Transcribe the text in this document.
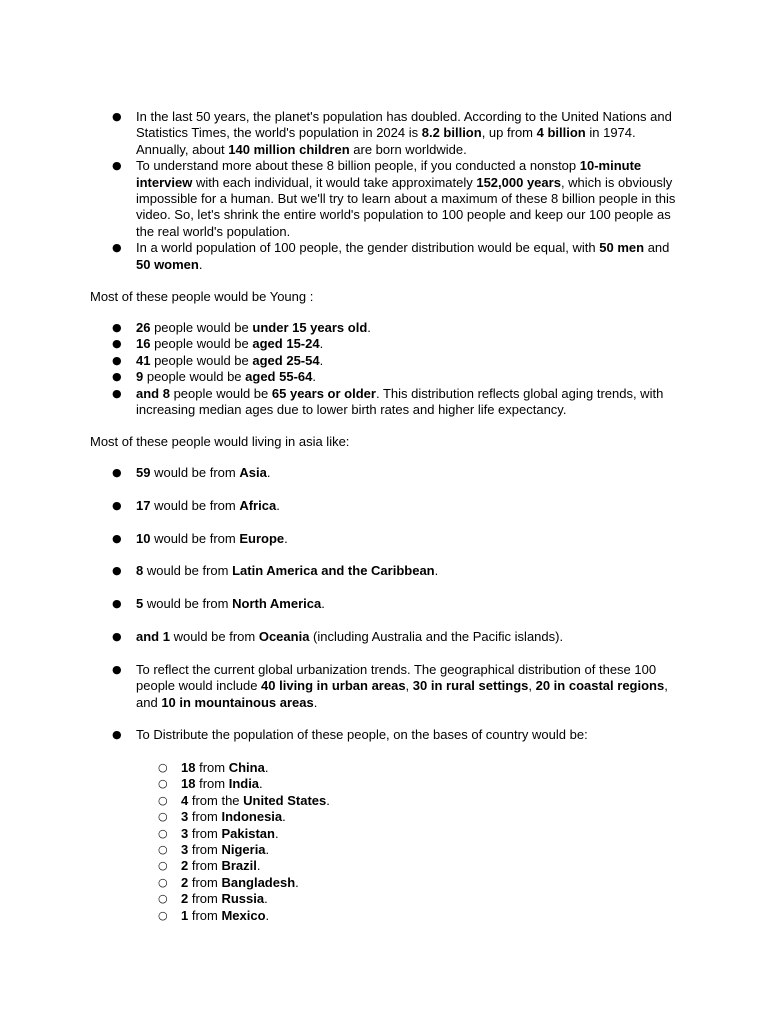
● In the last 50 years, the planet's population has doubled. According to the United Nations and Statistics Times, the world's population in 2024 is 8.2 billion, up from 4 billion in 1974. Annually, about 140 million children are born worldwide.
● To understand more about these 8 billion people, if you conducted a nonstop 10-minute interview with each individual, it would take approximately 152,000 years, which is obviously impossible for a human. But we'll try to learn about a maximum of these 8 billion people in this video. So, let's shrink the entire world's population to 100 people and keep our 100 people as the real world's population.
● In a world population of 100 people, the gender distribution would be equal, with 50 men and 50 women.

Most of these people would be Young :

● 26 people would be under 15 years old.
● 16 people would be aged 15-24.
● 41 people would be aged 25-54.
● 9 people would be aged 55-64.
● and 8 people would be 65 years or older. This distribution reflects global aging trends, with increasing median ages due to lower birth rates and higher life expectancy.

Most of these people would living in asia like:

● 59 would be from Asia.
● 17 would be from Africa.
● 10 would be from Europe.
● 8 would be from Latin America and the Caribbean.
● 5 would be from North America.
● and 1 would be from Oceania (including Australia and the Pacific islands).
● To reflect the current global urbanization trends. The geographical distribution of these 100 people would include 40 living in urban areas, 30 in rural settings, 20 in coastal regions, and 10 in mountainous areas.
● To Distribute the population of these people, on the bases of country would be:
○ 18 from China.
○ 18 from India.
○ 4 from the United States.
○ 3 from Indonesia.
○ 3 from Pakistan.
○ 3 from Nigeria.
○ 2 from Brazil.
○ 2 from Bangladesh.
○ 2 from Russia.
○ 1 from Mexico.
